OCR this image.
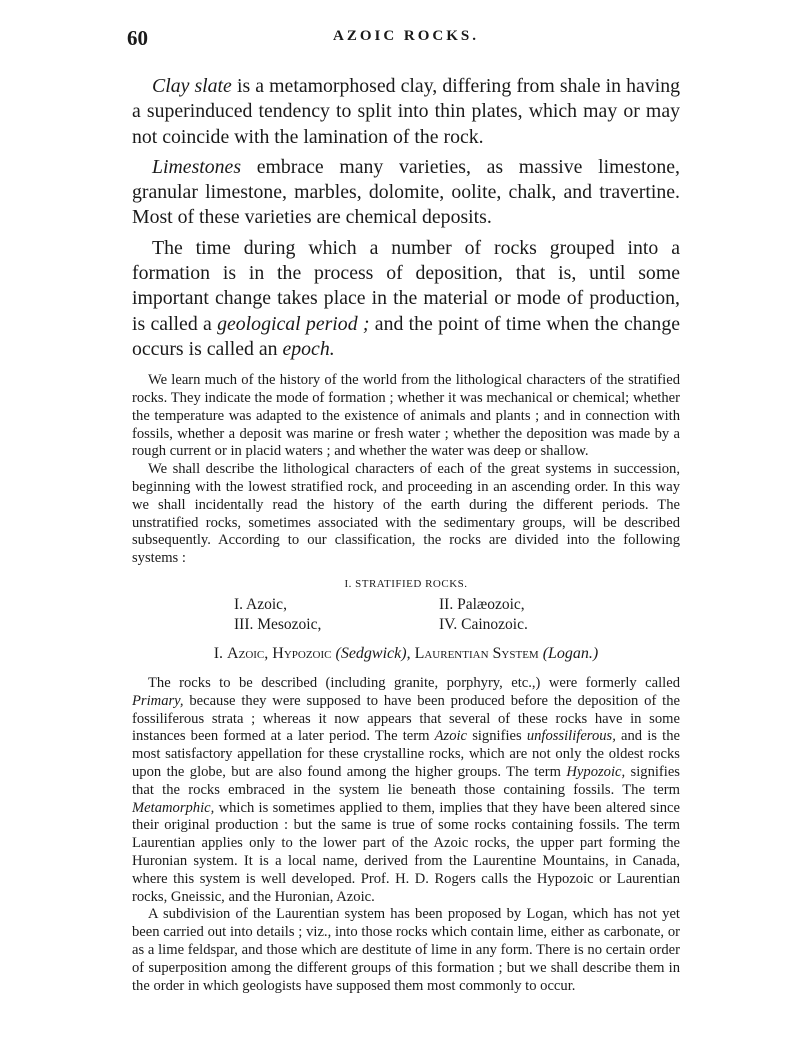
60	AZOIC ROCKS.

Clay slate is a metamorphosed clay, differing from shale in having a superinduced tendency to split into thin plates, which may or may not coincide with the lamination of the rock.

Limestones embrace many varieties, as massive limestone, granular limestone, marbles, dolomite, oolite, chalk, and travertine. Most of these varieties are chemical deposits.

The time during which a number of rocks grouped into a formation is in the process of deposition, that is, until some important change takes place in the material or mode of production, is called a geological period ; and the point of time when the change occurs is called an epoch.

We learn much of the history of the world from the lithological characters of the stratified rocks. They indicate the mode of formation ; whether it was mechanical or chemical; whether the temperature was adapted to the existence of animals and plants ; and in connection with fossils, whether a deposit was marine or fresh water ; whether the deposition was made by a rough current or in placid waters ; and whether the water was deep or shallow.

We shall describe the lithological characters of each of the great systems in succession, beginning with the lowest stratified rock, and proceeding in an ascending order. In this way we shall incidentally read the history of the earth during the different periods. The unstratified rocks, sometimes associated with the sedimentary groups, will be described subsequently. According to our classification, the rocks are divided into the following systems :

I. STRATIFIED ROCKS.
I. Azoic,	II. Palæozoic,
III. Mesozoic,	IV. Cainozoic.
I. Azoic, Hypozoic (Sedgwick), Laurentian System (Logan.)

The rocks to be described (including granite, porphyry, etc.,) were formerly called Primary, because they were supposed to have been produced before the deposition of the fossiliferous strata ; whereas it now appears that several of these rocks have in some instances been formed at a later period. The term Azoic signifies unfossiliferous, and is the most satisfactory appellation for these crystalline rocks, which are not only the oldest rocks upon the globe, but are also found among the higher groups. The term Hypozoic, signifies that the rocks embraced in the system lie beneath those containing fossils. The term Metamorphic, which is sometimes applied to them, implies that they have been altered since their original production : but the same is true of some rocks containing fossils. The term Laurentian applies only to the lower part of the Azoic rocks, the upper part forming the Huronian system. It is a local name, derived from the Laurentine Mountains, in Canada, where this system is well developed. Prof. H. D. Rogers calls the Hypozoic or Laurentian rocks, Gneissic, and the Huronian, Azoic.

A subdivision of the Laurentian system has been proposed by Logan, which has not yet been carried out into details ; viz., into those rocks which contain lime, either as carbonate, or as a lime feldspar, and those which are destitute of lime in any form. There is no certain order of superposition among the different groups of this formation ; but we shall describe them in the order in which geologists have supposed them most commonly to occur.
